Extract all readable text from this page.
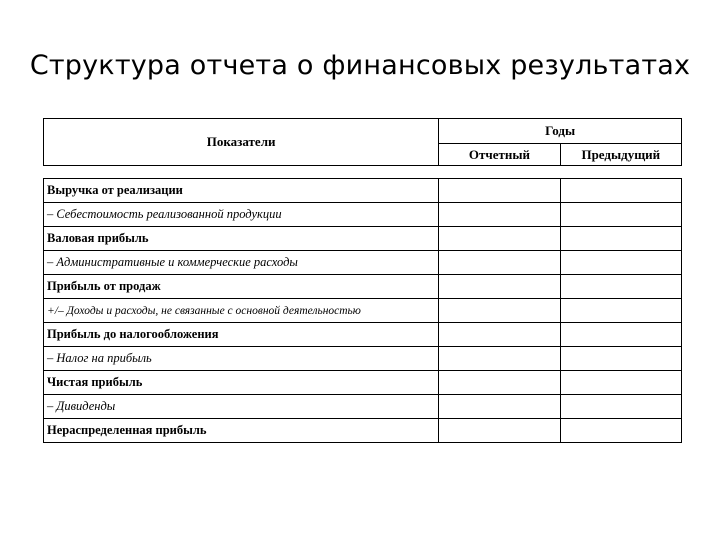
Структура отчета о финансовых результатах
Показатели	Годы	
	Отчетный	Предыдущий
Выручка от реализации		
– Себестоимость реализованной продукции		
Валовая прибыль		
– Административные и коммерческие расходы		
Прибыль от продаж		
+/– Доходы и расходы, не связанные с основной деятельностью		
Прибыль до налогообложения		
– Налог на прибыль		
Чистая прибыль		
– Дивиденды		
Нераспределенная прибыль		
